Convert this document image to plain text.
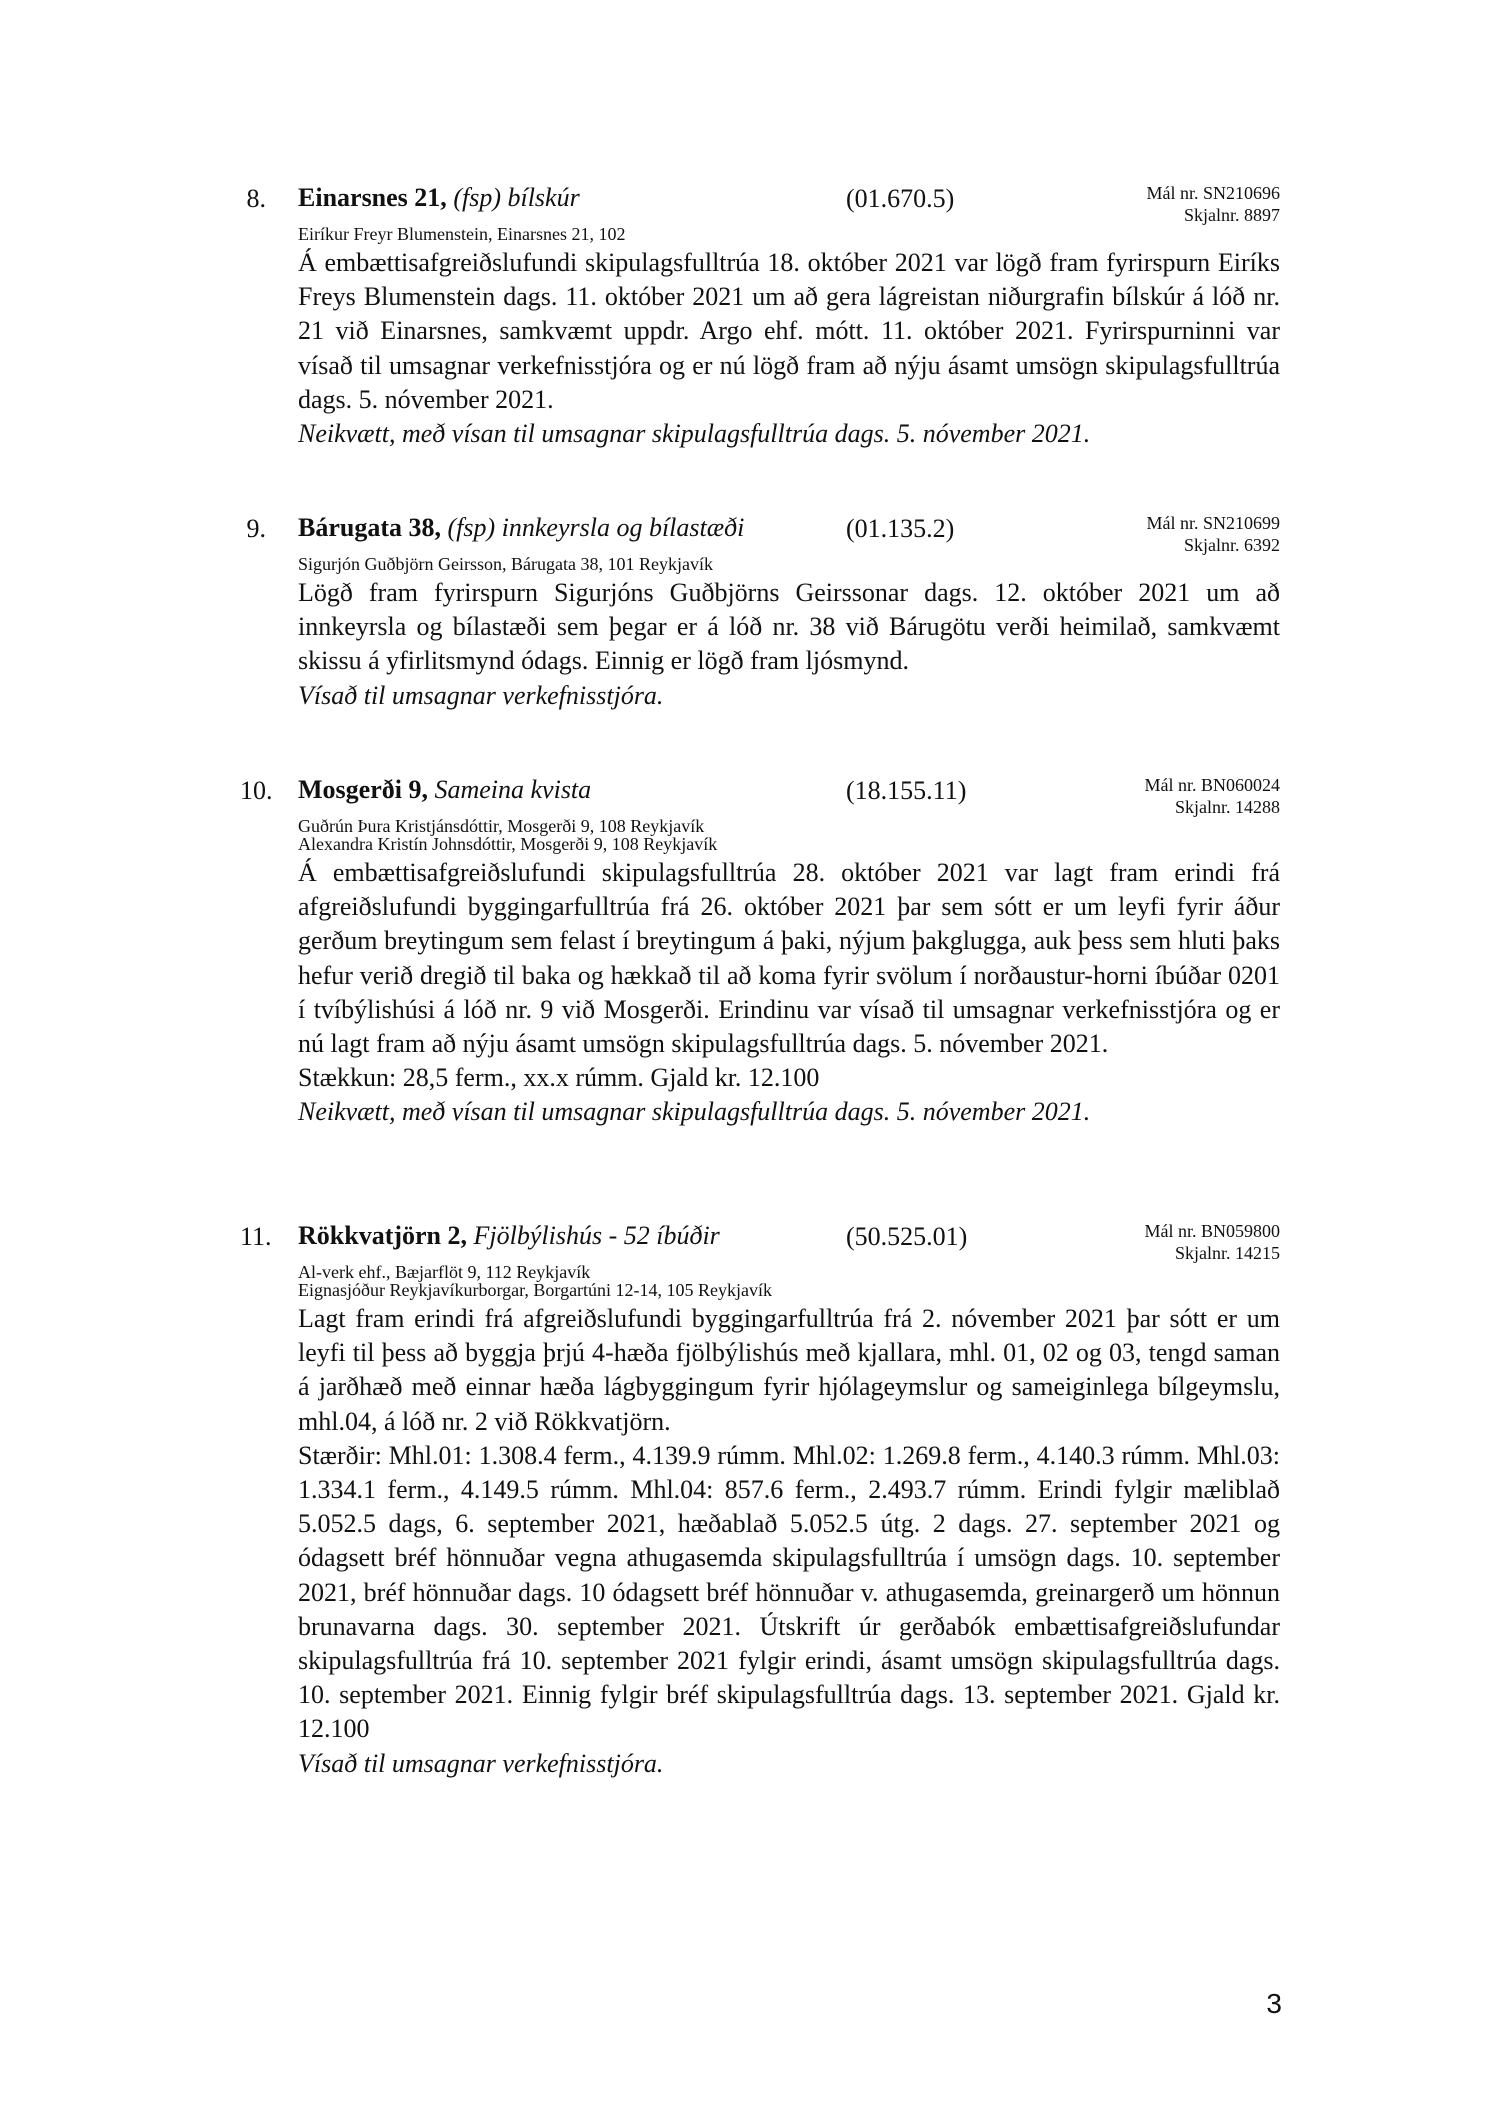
8. Einarsnes 21, (fsp) bílskúr	(01.670.5)	Mál nr. SN210696
Skjalnr. 8897
Eiríkur Freyr Blumenstein, Einarsnes 21, 102

Á embættisafgreiðslufundi skipulagsfulltrúa 18. október 2021 var lögð fram fyrirspurn Eiríks Freys Blumenstein dags. 11. október 2021 um að gera lágreistan niðurgrafin bílskúr á lóð nr. 21 við Einarsnes, samkvæmt uppdr. Argo ehf. mótt. 11. október 2021. Fyrirspurninni var vísað til umsagnar verkefnisstjóra og er nú lögð fram að nýju ásamt umsögn skipulagsfulltrúa dags. 5. nóvember 2021.

Neikvætt, með vísan til umsagnar skipulagsfulltrúa dags. 5. nóvember 2021.
9. Bárugata 38, (fsp) innkeyrsla og bílastæði	(01.135.2)	Mál nr. SN210699
Skjalnr. 6392
Sigurjón Guðbjörn Geirsson, Bárugata 38, 101 Reykjavík

Lögð fram fyrirspurn Sigurjóns Guðbjörns Geirssonar dags. 12. október 2021 um að innkeyrsla og bílastæði sem þegar er á lóð nr. 38 við Bárugötu verði heimilað, samkvæmt skissu á yfirlitsmynd ódags. Einnig er lögð fram ljósmynd.

Vísað til umsagnar verkefnisstjóra.
10. Mosgerði 9, Sameina kvista	(18.155.11)	Mál nr. BN060024
Skjalnr. 14288
Guðrún Þura Kristjánsdóttir, Mosgerði 9, 108 Reykjavík
Alexandra Kristín Johnsdóttir, Mosgerði 9, 108 Reykjavík

Á embættisafgreiðslufundi skipulagsfulltrúa 28. október 2021 var lagt fram erindi frá afgreiðslufundi byggingarfulltrúa frá 26. október 2021 þar sem sótt er um leyfi fyrir áður gerðum breytingum sem felast í breytingum á þaki, nýjum þakglugga, auk þess sem hluti þaks hefur verið dregið til baka og hækkað til að koma fyrir svölum í norðaustur-horni íbúðar 0201 í tvíbýlishúsi á lóð nr. 9 við Mosgerði. Erindinu var vísað til umsagnar verkefnisstjóra og er nú lagt fram að nýju ásamt umsögn skipulagsfulltrúa dags. 5. nóvember 2021.

Stækkun: 28,5 ferm., xx.x rúmm. Gjald kr. 12.100
Neikvætt, með vísan til umsagnar skipulagsfulltrúa dags. 5. nóvember 2021.
11. Rökkvatjörn 2, Fjölbýlishús - 52 íbúðir	(50.525.01)	Mál nr. BN059800
Skjalnr. 14215
Al-verk ehf., Bæjarflöt 9, 112 Reykjavík
Eignasjóður Reykjavíkurborgar, Borgartúni 12-14, 105 Reykjavík

Lagt fram erindi frá afgreiðslufundi byggingarfulltrúa frá 2. nóvember 2021 þar sótt er um leyfi til þess að byggja þrjú 4-hæða fjölbýlishús með kjallara, mhl. 01, 02 og 03, tengd saman á jarðhæð með einnar hæða lágbyggingum fyrir hjólageymslur og sameiginlega bílgeymslu, mhl.04, á lóð nr. 2 við Rökkvatjörn.

Stærðir: Mhl.01: 1.308.4 ferm., 4.139.9 rúmm. Mhl.02: 1.269.8 ferm., 4.140.3 rúmm. Mhl.03: 1.334.1 ferm., 4.149.5 rúmm. Mhl.04: 857.6 ferm., 2.493.7 rúmm. Erindi fylgir mæliblað 5.052.5 dags, 6. september 2021, hæðablað 5.052.5 útg. 2 dags. 27. september 2021 og ódagsett bréf hönnuðar vegna athugasemda skipulagsfulltrúa í umsögn dags. 10. september 2021, bréf hönnuðar dags. 10 ódagsett bréf hönnuðar v. athugasemda, greinargerð um hönnun brunavarna dags. 30. september 2021. Útskrift úr gerðabók embættisafgreiðslufundar skipulagsfulltrúa frá 10. september 2021 fylgir erindi, ásamt umsögn skipulagsfulltrúa dags. 10. september 2021. Einnig fylgir bréf skipulagsfulltrúa dags. 13. september 2021. Gjald kr. 12.100

Vísað til umsagnar verkefnisstjóra.
3
